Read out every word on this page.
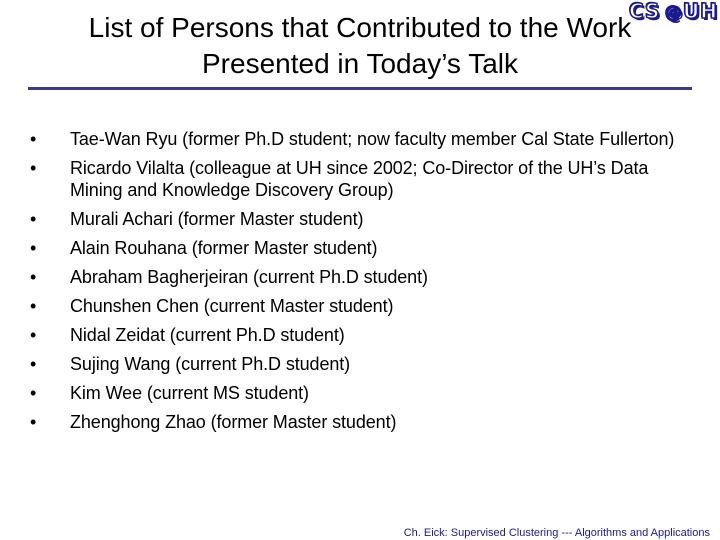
CS @UH
List of Persons that Contributed to the Work
Presented in Today’s Talk
•	Tae-Wan Ryu (former Ph.D student; now faculty member Cal State Fullerton)
•	Ricardo Vilalta (colleague at UH since 2002; Co-Director of the UH’s Data Mining and Knowledge Discovery Group)
•	Murali Achari (former Master student)
•	Alain Rouhana (former Master student)
•	Abraham Bagherjeiran (current Ph.D student)
•	Chunshen Chen (current Master student)
•	Nidal Zeidat (current Ph.D student)
•	Sujing Wang (current Ph.D student)
•	Kim Wee (current MS student)
•	Zhenghong Zhao (former Master student)
Ch. Eick: Supervised Clustering --- Algorithms and Applications
